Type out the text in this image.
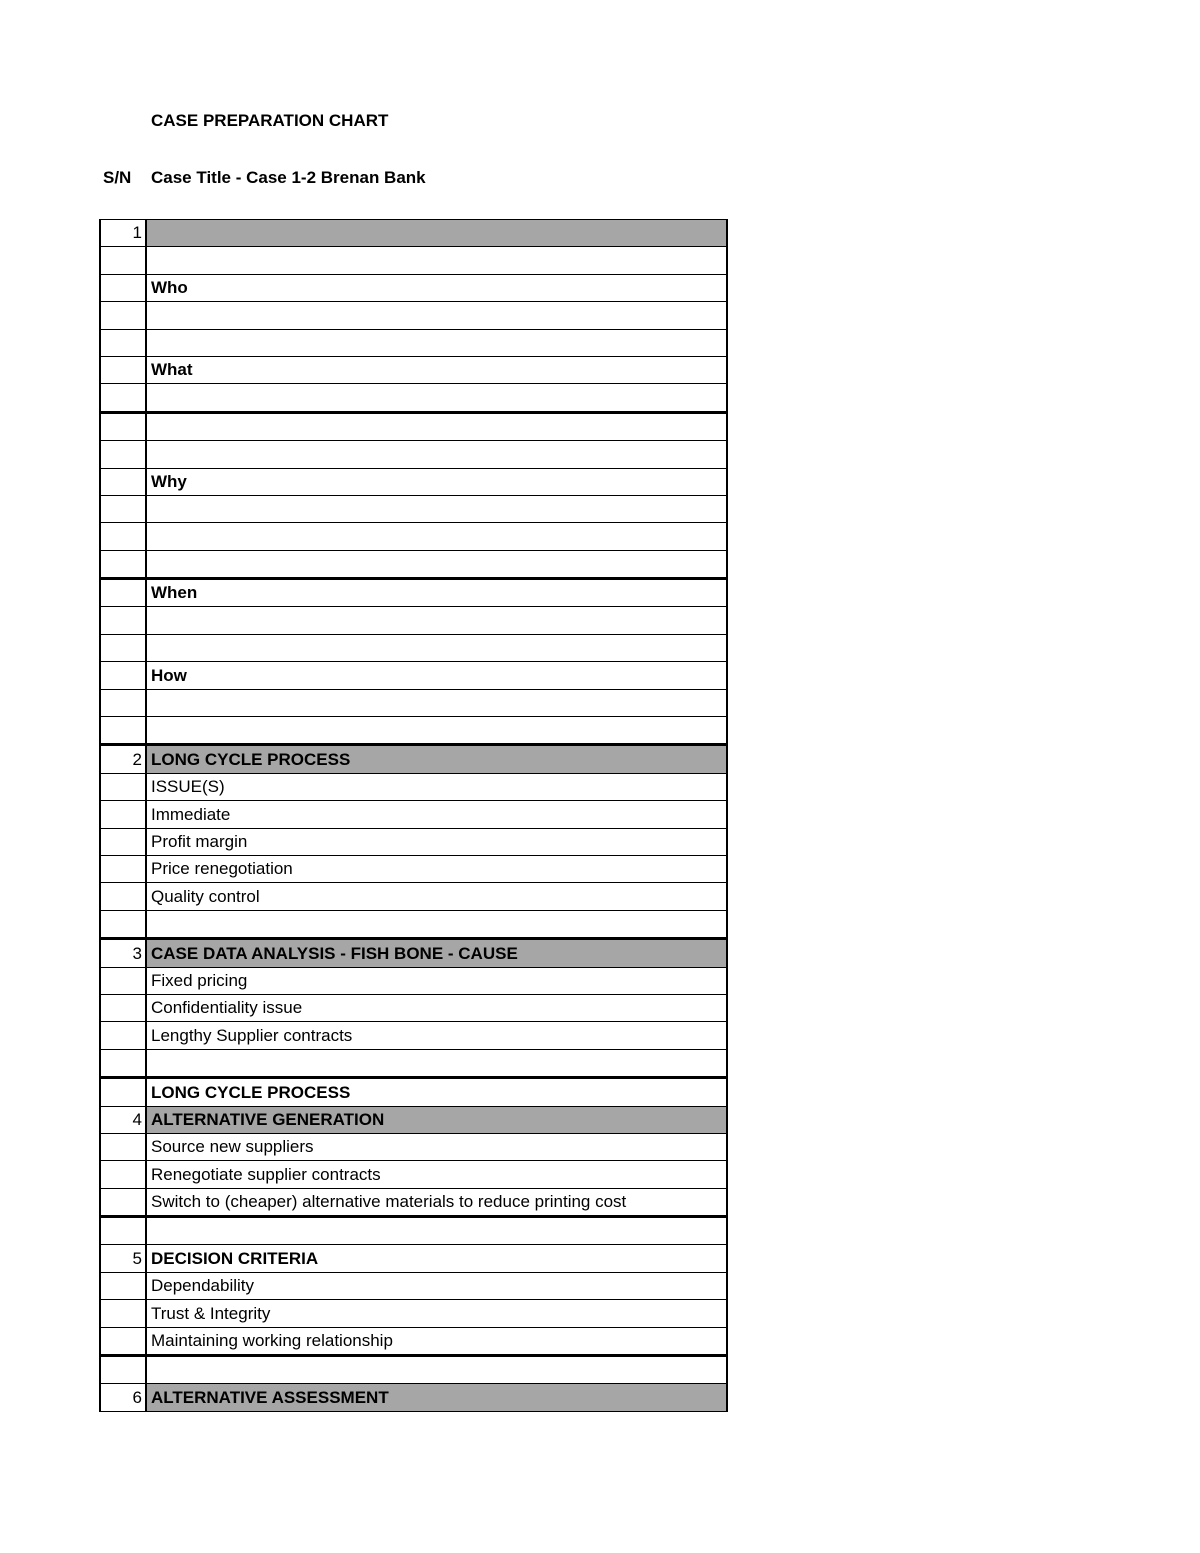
CASE PREPARATION CHART
S/N Case Title - Case 1-2 Brenan Bank
1	

	Who

	What

	Why

	When

	How

2	LONG CYCLE PROCESS
	ISSUE(S)
	Immediate
	Profit margin
	Price renegotiation
	Quality control

3	CASE DATA ANALYSIS - FISH BONE - CAUSE
	Fixed pricing
	Confidentiality issue
	Lengthy Supplier contracts

	LONG CYCLE PROCESS
4	ALTERNATIVE GENERATION
	Source new suppliers
	Renegotiate supplier contracts
	Switch to (cheaper) alternative materials to reduce printing cost

5	DECISION CRITERIA
	Dependability
	Trust & Integrity
	Maintaining working relationship

6	ALTERNATIVE ASSESSMENT
